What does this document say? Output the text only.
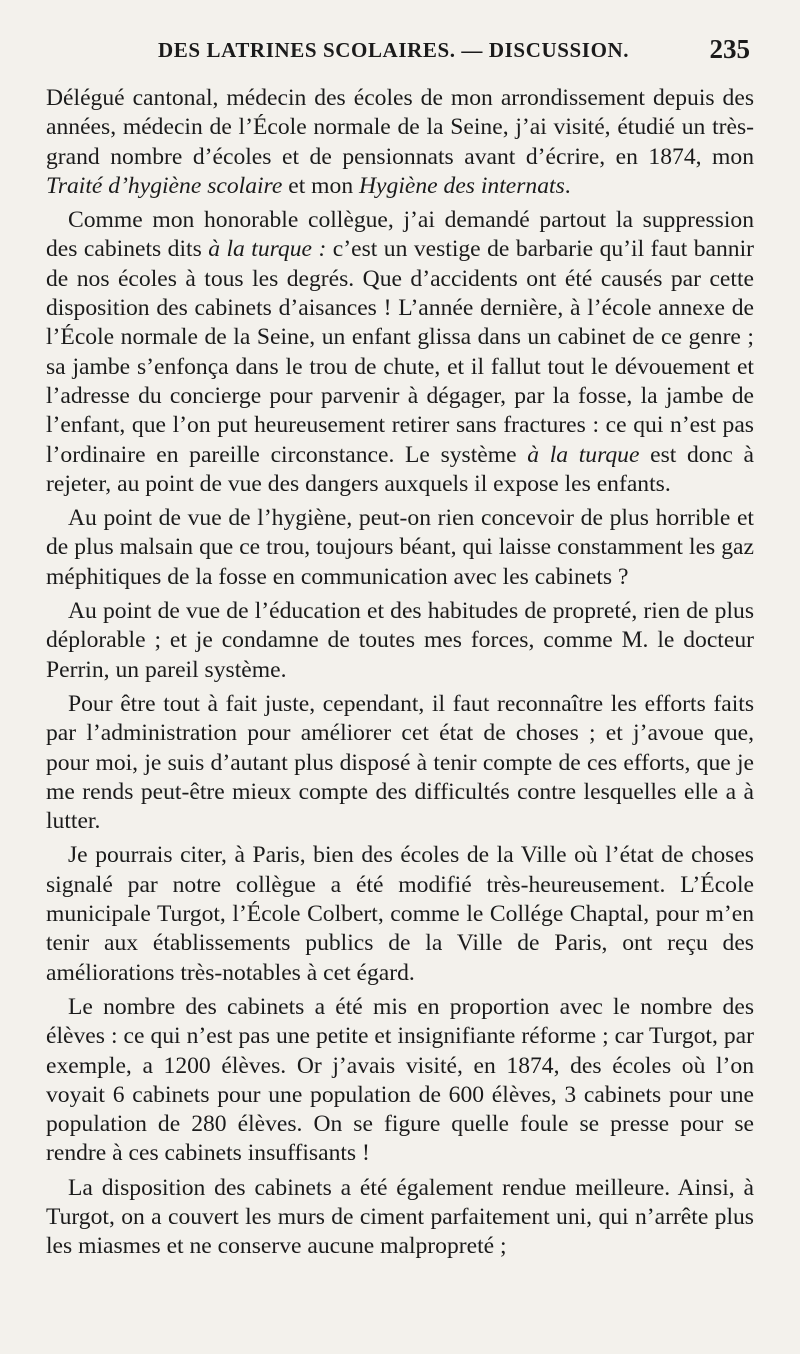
DES LATRINES SCOLAIRES. — DISCUSSION.	235

Délégué cantonal, médecin des écoles de mon arrondissement depuis des années, médecin de l’École normale de la Seine, j’ai visité, étudié un très-grand nombre d’écoles et de pensionnats avant d’écrire, en 1874, mon Traité d’hygiène scolaire et mon Hygiène des internats.

Comme mon honorable collègue, j’ai demandé partout la suppression des cabinets dits à la turque : c’est un vestige de barbarie qu’il faut bannir de nos écoles à tous les degrés. Que d’accidents ont été causés par cette disposition des cabinets d’aisances ! L’année dernière, à l’école annexe de l’École normale de la Seine, un enfant glissa dans un cabinet de ce genre ; sa jambe s’enfonça dans le trou de chute, et il fallut tout le dévouement et l’adresse du concierge pour parvenir à dégager, par la fosse, la jambe de l’enfant, que l’on put heureusement retirer sans fractures : ce qui n’est pas l’ordinaire en pareille circonstance. Le système à la turque est donc à rejeter, au point de vue des dangers auxquels il expose les enfants.

Au point de vue de l’hygiène, peut-on rien concevoir de plus horrible et de plus malsain que ce trou, toujours béant, qui laisse constamment les gaz méphitiques de la fosse en communication avec les cabinets ?

Au point de vue de l’éducation et des habitudes de propreté, rien de plus déplorable ; et je condamne de toutes mes forces, comme M. le docteur Perrin, un pareil système.

Pour être tout à fait juste, cependant, il faut reconnaître les efforts faits par l’administration pour améliorer cet état de choses ; et j’avoue que, pour moi, je suis d’autant plus disposé à tenir compte de ces efforts, que je me rends peut-être mieux compte des difficultés contre lesquelles elle a à lutter.

Je pourrais citer, à Paris, bien des écoles de la Ville où l’état de choses signalé par notre collègue a été modifié très-heureusement. L’École municipale Turgot, l’École Colbert, comme le Collége Chaptal, pour m’en tenir aux établissements publics de la Ville de Paris, ont reçu des améliorations très-notables à cet égard.

Le nombre des cabinets a été mis en proportion avec le nombre des élèves : ce qui n’est pas une petite et insignifiante réforme ; car Turgot, par exemple, a 1200 élèves. Or j’avais visité, en 1874, des écoles où l’on voyait 6 cabinets pour une population de 600 élèves, 3 cabinets pour une population de 280 élèves. On se figure quelle foule se presse pour se rendre à ces cabinets insuffisants !

La disposition des cabinets a été également rendue meilleure. Ainsi, à Turgot, on a couvert les murs de ciment parfaitement uni, qui n’arrête plus les miasmes et ne conserve aucune malpropreté ;
